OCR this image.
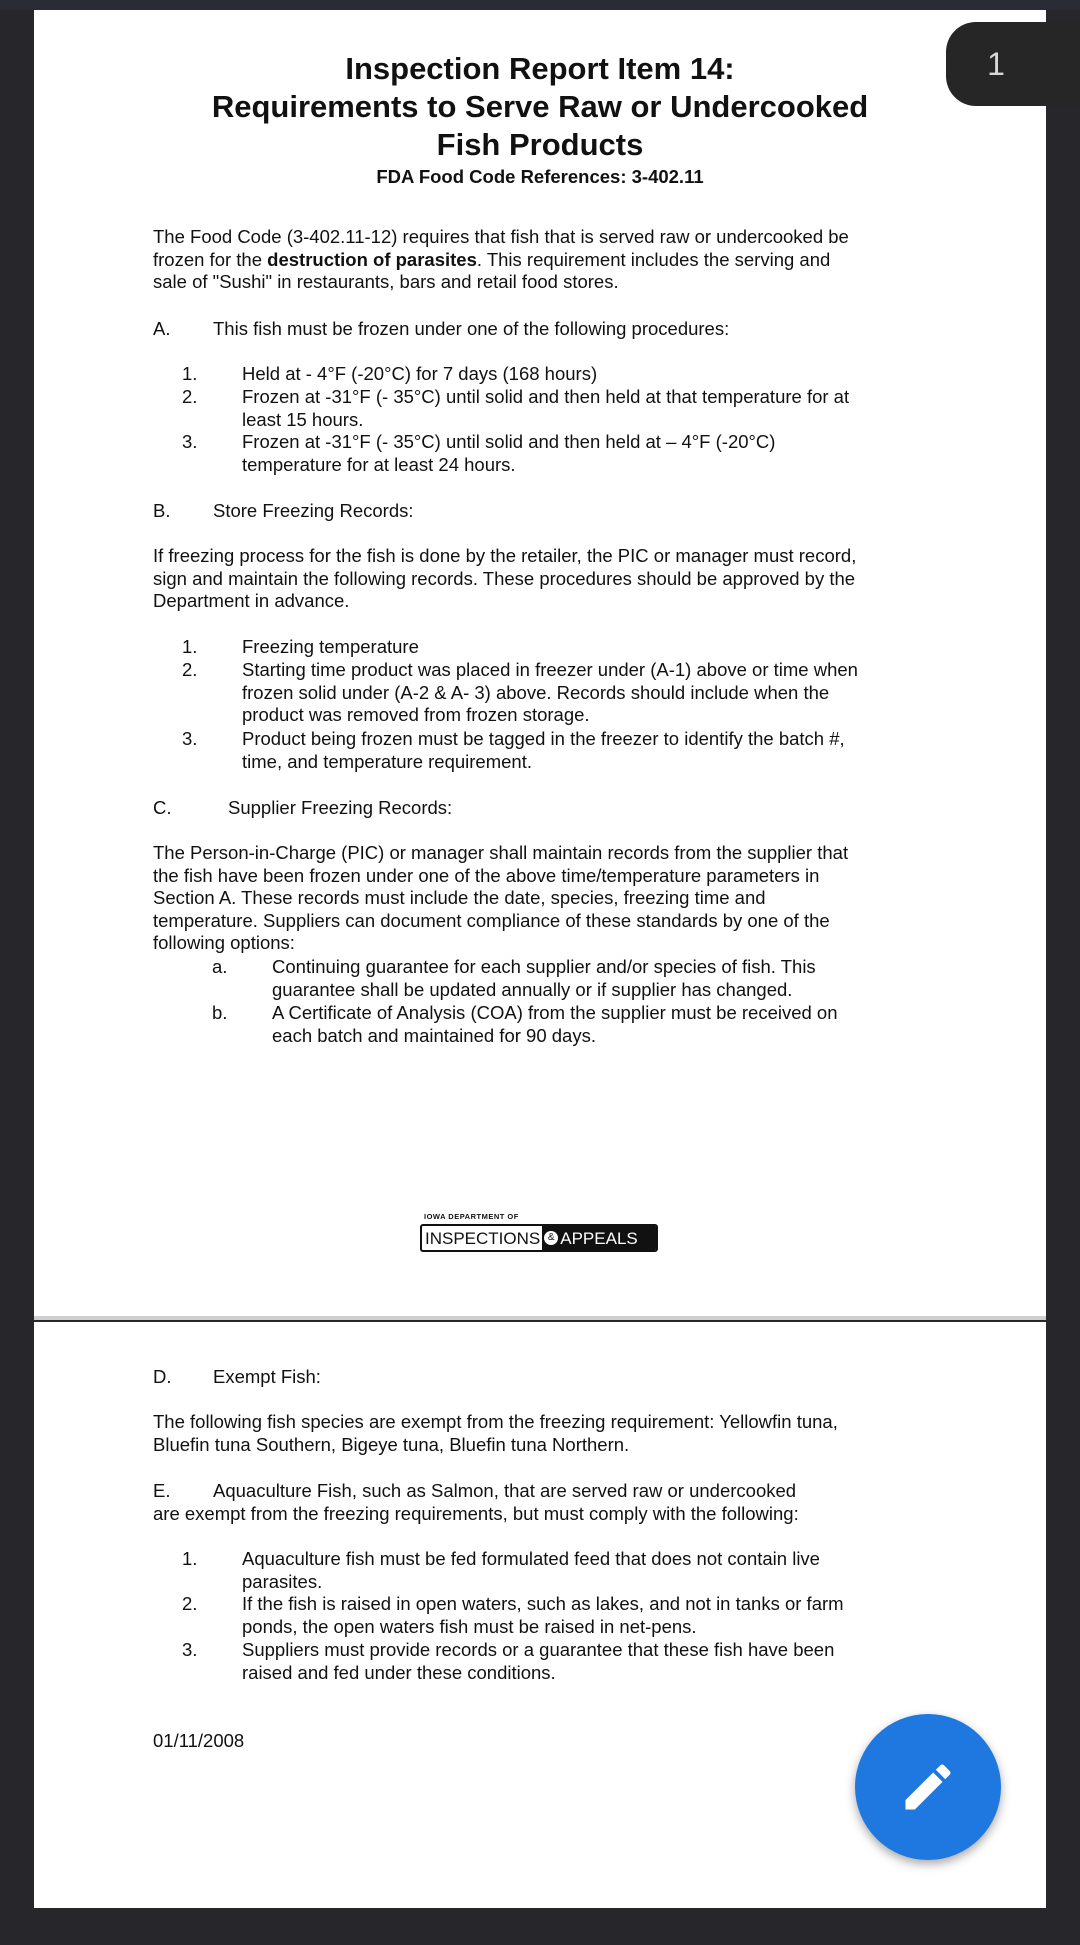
1
Inspection Report Item 14:
Requirements to Serve Raw or Undercooked
Fish Products
FDA Food Code References: 3-402.11
The Food Code (3-402.11-12) requires that fish that is served raw or undercooked be
frozen for the destruction of parasites. This requirement includes the serving and
sale of "Sushi" in restaurants, bars and retail food stores.
A. This fish must be frozen under one of the following procedures:
1. Held at - 4°F (-20°C) for 7 days (168 hours)
2. Frozen at -31°F (- 35°C) until solid and then held at that temperature for at
least 15 hours.
3. Frozen at -31°F (- 35°C) until solid and then held at – 4°F (-20°C)
temperature for at least 24 hours.
B. Store Freezing Records:
If freezing process for the fish is done by the retailer, the PIC or manager must record,
sign and maintain the following records. These procedures should be approved by the
Department in advance.
1. Freezing temperature
2. Starting time product was placed in freezer under (A-1) above or time when
frozen solid under (A-2 & A- 3) above. Records should include when the
product was removed from frozen storage.
3. Product being frozen must be tagged in the freezer to identify the batch #,
time, and temperature requirement.
C.	Supplier Freezing Records:
The Person-in-Charge (PIC) or manager shall maintain records from the supplier that
the fish have been frozen under one of the above time/temperature parameters in
Section A. These records must include the date, species, freezing time and
temperature. Suppliers can document compliance of these standards by one of the
following options:
a. Continuing guarantee for each supplier and/or species of fish. This
guarantee shall be updated annually or if supplier has changed.
b. A Certificate of Analysis (COA) from the supplier must be received on
each batch and maintained for 90 days.
IOWA DEPARTMENT OF
INSPECTIONS & APPEALS
D. Exempt Fish:
The following fish species are exempt from the freezing requirement: Yellowfin tuna,
Bluefin tuna Southern, Bigeye tuna, Bluefin tuna Northern.
E. Aquaculture Fish, such as Salmon, that are served raw or undercooked
are exempt from the freezing requirements, but must comply with the following:
1. Aquaculture fish must be fed formulated feed that does not contain live
parasites.
2. If the fish is raised in open waters, such as lakes, and not in tanks or farm
ponds, the open waters fish must be raised in net-pens.
3. Suppliers must provide records or a guarantee that these fish have been
raised and fed under these conditions.
01/11/2008
